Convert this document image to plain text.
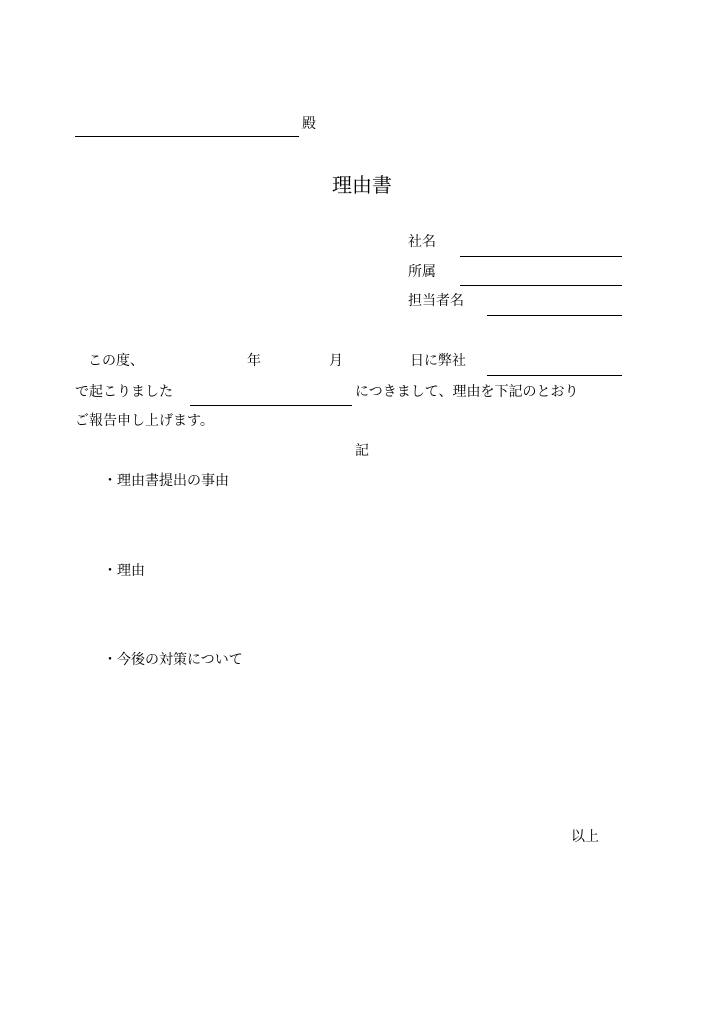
殿
理由書
社名
所属
担当者名
この度、	年	月	日に弊社
で起こりました	につきまして、理由を下記のとおり
ご報告申し上げます。
記
・理由書提出の事由
・理由
・今後の対策について
以上
